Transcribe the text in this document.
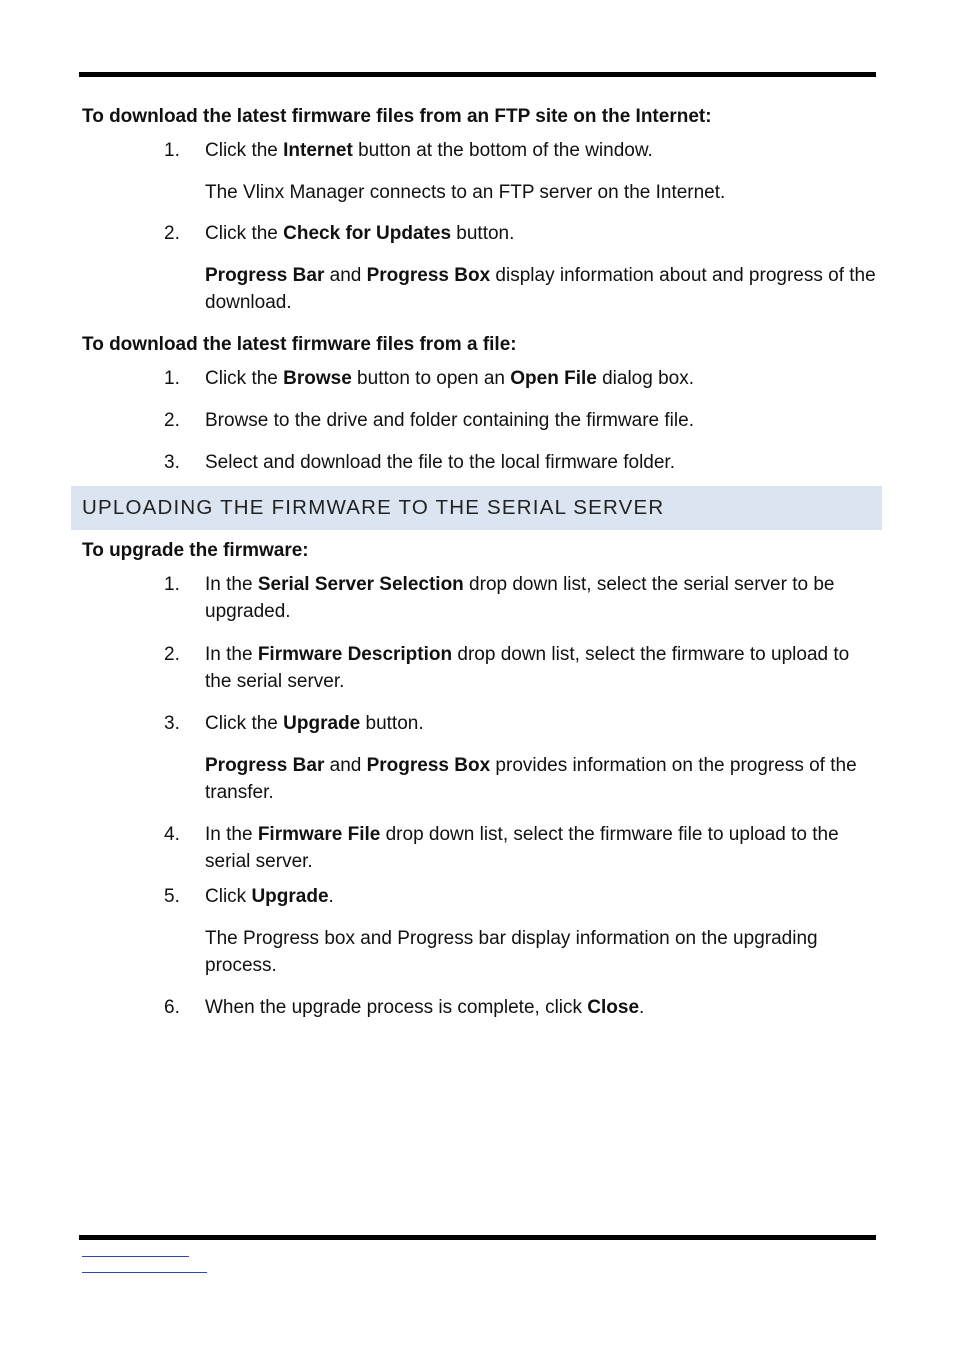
To download the latest firmware files from an FTP site on the Internet:
1. Click the Internet button at the bottom of the window.
The Vlinx Manager connects to an FTP server on the Internet.
2. Click the Check for Updates button.
Progress Bar and Progress Box display information about and progress of the download.
To download the latest firmware files from a file:
1. Click the Browse button to open an Open File dialog box.
2. Browse to the drive and folder containing the firmware file.
3. Select and download the file to the local firmware folder.
UPLOADING THE FIRMWARE TO THE SERIAL SERVER
To upgrade the firmware:
1. In the Serial Server Selection drop down list, select the serial server to be upgraded.
2. In the Firmware Description drop down list, select the firmware to upload to the serial server.
3. Click the Upgrade button.
Progress Bar and Progress Box provides information on the progress of the transfer.
4. In the Firmware File drop down list, select the firmware file to upload to the serial server.
5. Click Upgrade.
The Progress box and Progress bar display information on the upgrading process.
6. When the upgrade process is complete, click Close.
